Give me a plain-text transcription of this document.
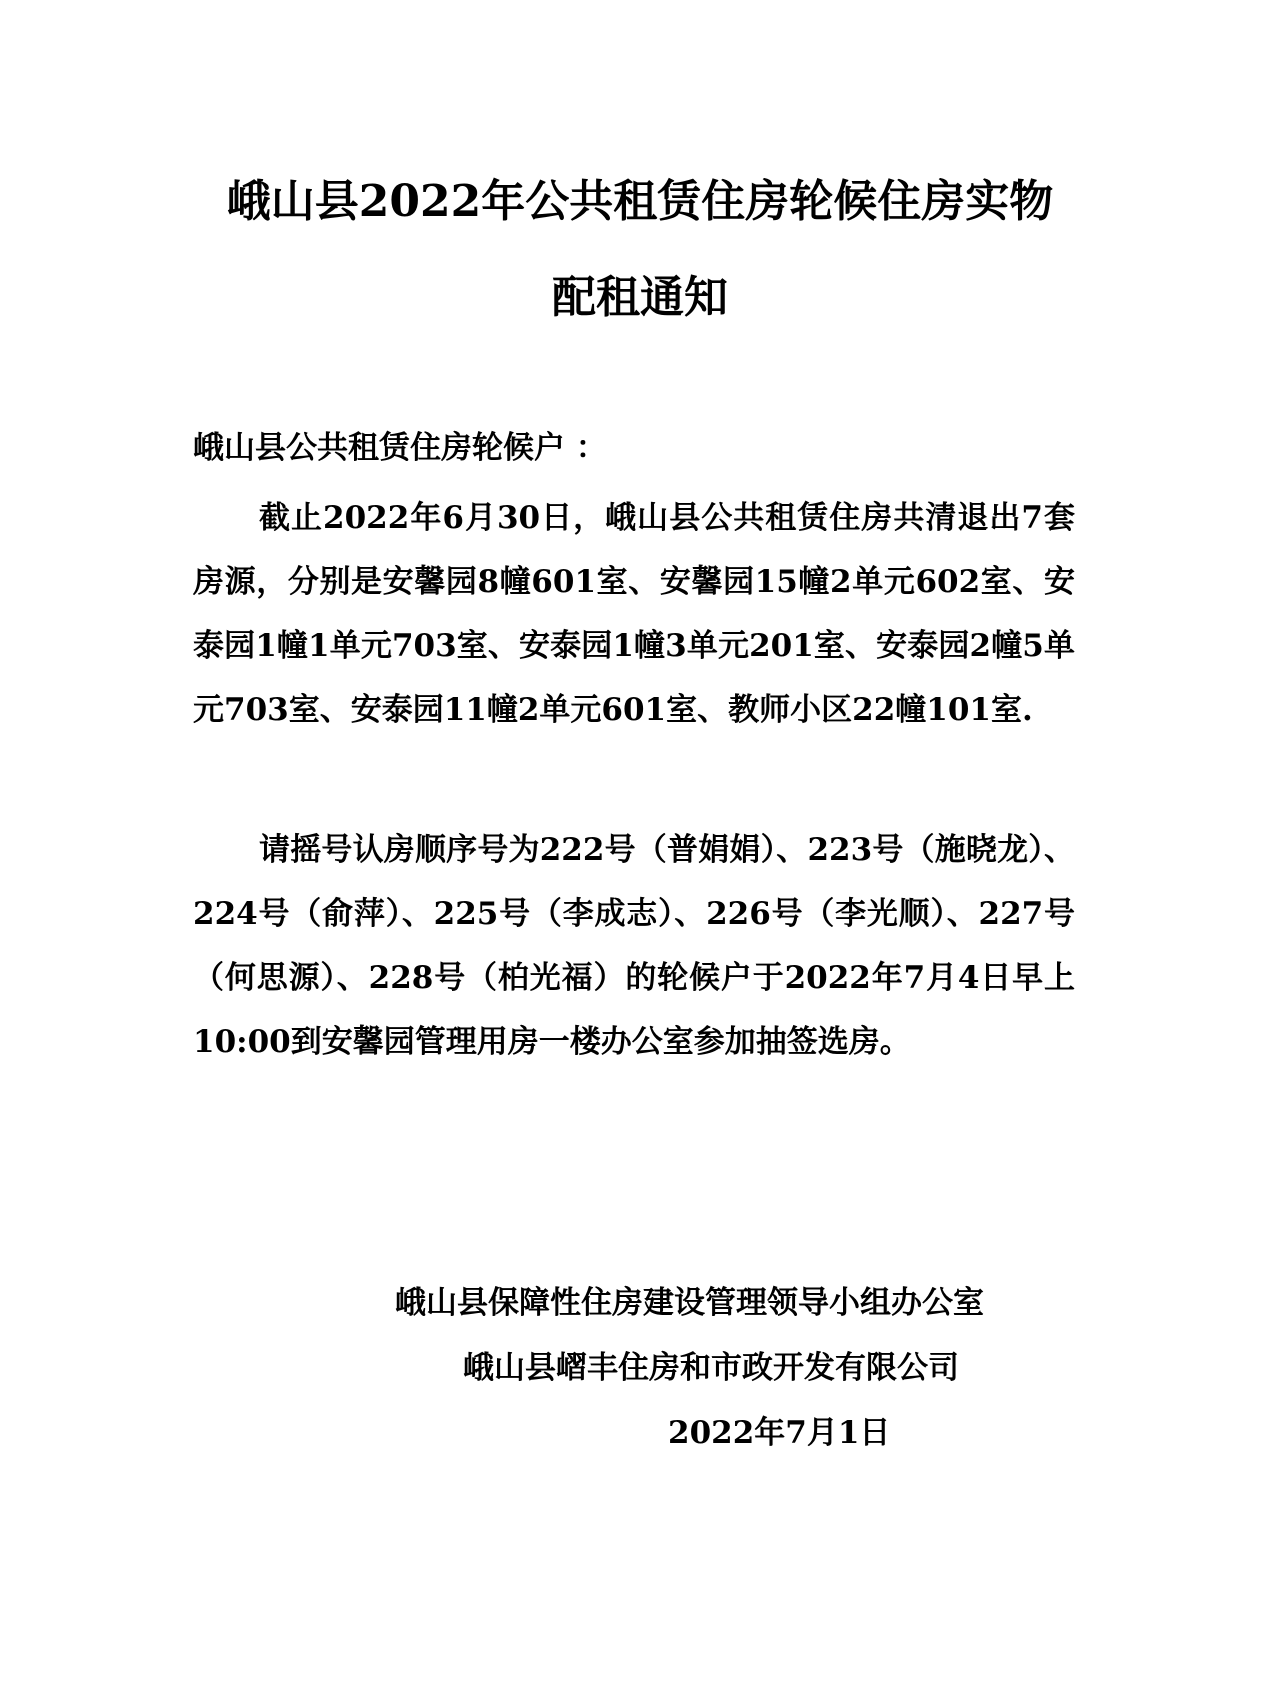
峨山县2022年公共租赁住房轮候住房实物
配租通知
峨山县公共租赁住房轮候户 ：
截止2022年6月30日，峨山县公共租赁住房共清退出7套房源，分别是安馨园8幢601室、安馨园15幢2单元602室、安泰园1幢1单元703室、安泰园1幢3单元201室、安泰园2幢5单元703室、安泰园11幢2单元601室、教师小区22幢101室.
请摇号认房顺序号为222号（普娟娟）、223号（施晓龙）、224号（俞萍）、225号（李成志）、226号（李光顺）、227号（何思源）、228号（柏光福）的轮候户于2022年7月4日早上10:00到安馨园管理用房一楼办公室参加抽签选房。
峨山县保障性住房建设管理领导小组办公室
峨山县嶍丰住房和市政开发有限公司
2022年7月1日
